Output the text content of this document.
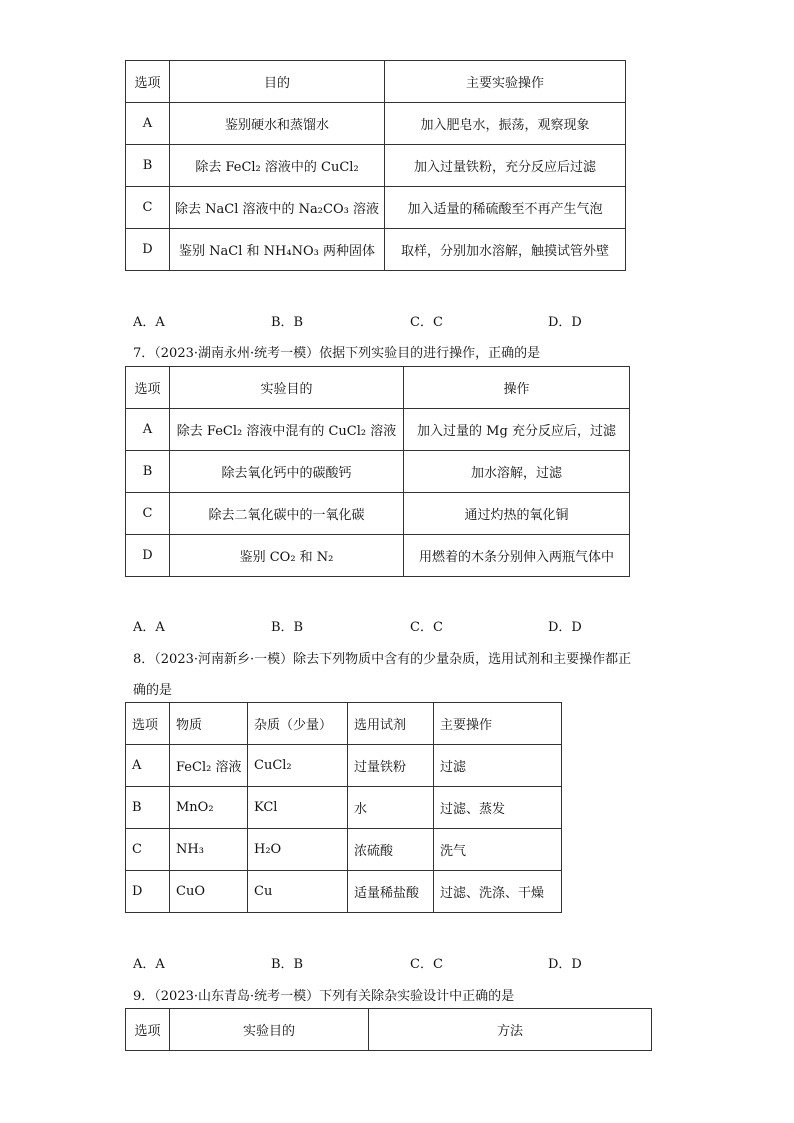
选项	目的	主要实验操作
A	鉴别硬水和蒸馏水	加入肥皂水，振荡，观察现象
B	除去 FeCl₂ 溶液中的 CuCl₂	加入过量铁粉，充分反应后过滤
C	除去 NaCl 溶液中的 Na₂CO₃ 溶液	加入适量的稀硫酸至不再产生气泡
D	鉴别 NaCl 和 NH₄NO₃ 两种固体	取样，分别加水溶解，触摸试管外壁
A．A	B．B	C．C	D．D
7．（2023·湖南永州·统考一模）依据下列实验目的进行操作，正确的是
选项	实验目的	操作
A	除去 FeCl₂ 溶液中混有的 CuCl₂ 溶液	加入过量的 Mg 充分反应后，过滤
B	除去氧化钙中的碳酸钙	加水溶解，过滤
C	除去二氧化碳中的一氧化碳	通过灼热的氧化铜
D	鉴别 CO₂ 和 N₂	用燃着的木条分别伸入两瓶气体中
A．A	B．B	C．C	D．D
8．（2023·河南新乡·一模）除去下列物质中含有的少量杂质，选用试剂和主要操作都正
确的是
选项	物质	杂质（少量）	选用试剂	主要操作
A	FeCl₂ 溶液	CuCl₂	过量铁粉	过滤
B	MnO₂	KCl	水	过滤、蒸发
C	NH₃	H₂O	浓硫酸	洗气
D	CuO	Cu	适量稀盐酸	过滤、洗涤、干燥
A．A	B．B	C．C	D．D
9．（2023·山东青岛·统考一模）下列有关除杂实验设计中正确的是
选项	实验目的	方法
